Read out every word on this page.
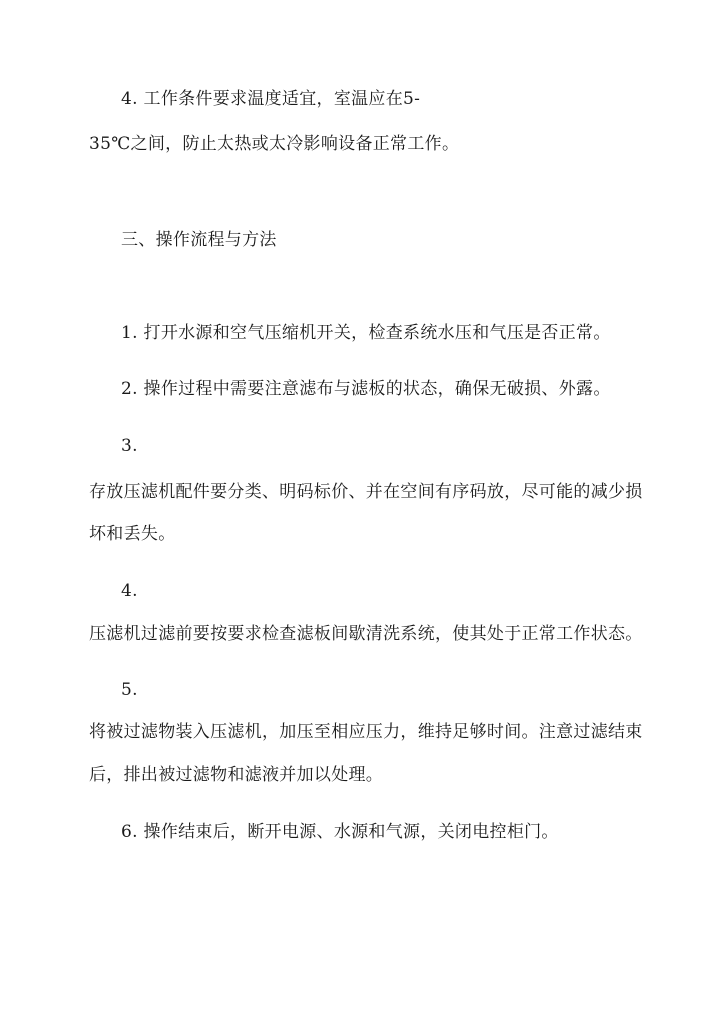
4. 工作条件要求温度适宜，室温应在5-
35℃之间，防止太热或太冷影响设备正常工作。
三、操作流程与方法
1. 打开水源和空气压缩机开关，检查系统水压和气压是否正常。
2. 操作过程中需要注意滤布与滤板的状态，确保无破损、外露。
3.
存放压滤机配件要分类、明码标价、并在空间有序码放，尽可能的减少损
坏和丢失。
4.
压滤机过滤前要按要求检查滤板间歇清洗系统，使其处于正常工作状态。
5.
将被过滤物装入压滤机，加压至相应压力，维持足够时间。注意过滤结束
后，排出被过滤物和滤液并加以处理。
6. 操作结束后，断开电源、水源和气源，关闭电控柜门。
